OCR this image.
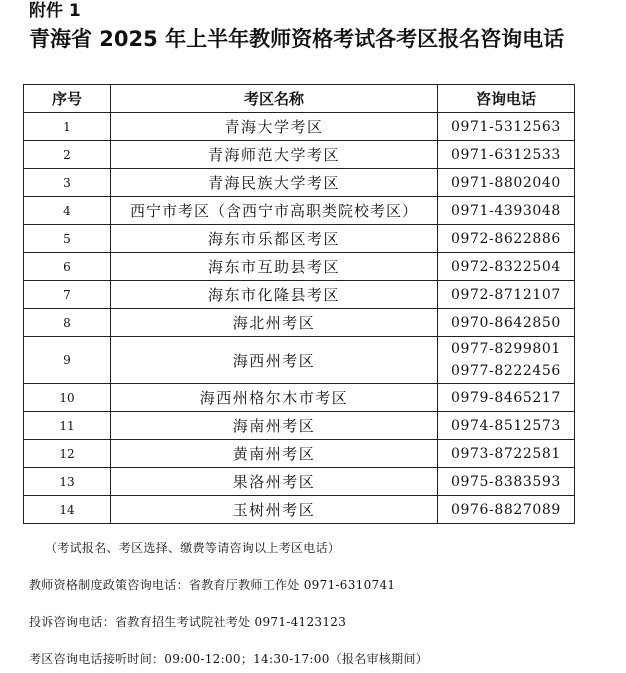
附件 1
青海省 2025 年上半年教师资格考试各考区报名咨询电话
序号	考区名称	咨询电话
1	青海大学考区	0971-5312563

2	青海师范大学考区	0971-6312533

3	青海民族大学考区	0971-8802040

4	西宁市考区（含西宁市高职类院校考区）	0971-4393048

5	海东市乐都区考区	0972-8622886

6	海东市互助县考区	0972-8322504

7	海东市化隆县考区	0972-8712107

8	海北州考区	0970-8642850

9	海西州考区	0977-8299801
0977-8222456

10	海西州格尔木市考区	0979-8465217

11	海南州考区	0974-8512573

12	黄南州考区	0973-8722581

13	果洛州考区	0975-8383593

14	玉树州考区	0976-8827089
（考试报名、考区选择、缴费等请咨询以上考区电话）
教师资格制度政策咨询电话：省教育厅教师工作处 0971-6310741
投诉咨询电话：省教育招生考试院社考处 0971-4123123
考区咨询电话接听时间：09:00-12:00；14:30-17:00（报名审核期间）
